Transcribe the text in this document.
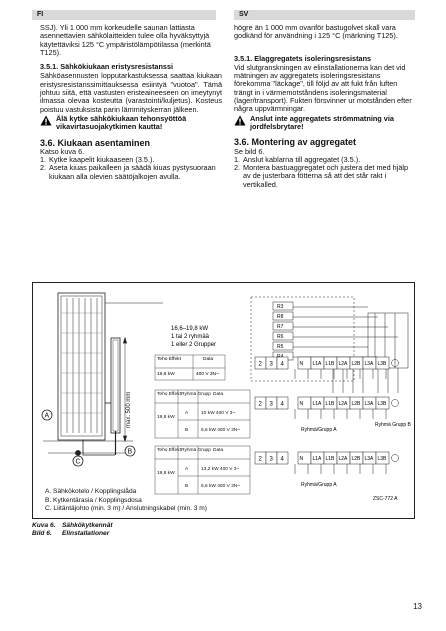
FI	SV

SSJ). Yli 1 000 mm korkeudelle saunan lattiasta asennettavien sähkölaitteiden tulee olla hyväksyttyjä käytettäviksi 125 °C ympäristölämpötilassa (merkintä T125).

3.5.1. Sähkökiukaan eristysresistanssi

Sähköasennusten lopputarkastuksessa saattaa kiukaan eristysresistanssimittauksessa esiintyä "vuotoa". Tämä johtuu siitä, että vastusten eristeaineeseen on imeytynyt ilmassa olevaa kosteutta (varastointi/kuljetus). Kosteus poistuu vastuksista parin lämmityskerran jälkeen.

Älä kytke sähkökiukaan tehonsyöttöä vikavirtasuojakytkimen kautta!
3.6. Kiukaan asentaminen
Katso kuva 6.
1. Kytke kaapelit kiukaaseen (3.5.).
2. Aseta kiuas paikalleen ja säädä kiuas pystysuoraan kiukaan alla olevien säätöjalkojen avulla.

högre än 1 000 mm ovanför bastugolvet skall vara godkänd för användning i 125 °C (märkning T125).

3.5.1. Elaggregatets isoleringsresistans

Vid slutgranskningen av elinstallationerna kan det vid mätningen av aggregatets isoleringsresistans förekomma "läckage", till följd av att fukt från luften trängt in i värmemotståndens isoleringsmaterial (lager/transport). Fukten försvinner ur motstånden efter några uppvärmningar.

Anslut inte aggregatets strömmatning via jordfelsbrytare!
3.6. Montering av aggregatet
Se bild 6.
1. Anslut kablarna till aggregatet (3.5.).
2. Montera bastuaggregatet och justera det med hjälp av de justerbara fötterna så att det står rakt i vertikalled.
max. 500 mm
A
B
C
16,6–19,8 kW
1 tai 2 ryhmää
1 eller 2 Grupper
R3
R8
R7
R6
R5
Teho Effekt	Data
16,6 kW	400 V 3N~
2 3 4	N L1A L1B L2A L2B L3A L3B
2 3 4	N L1A L1B L2A L2B L3A L3B
2 3 4	N L1A L1B L2A L2B L3A L3B
Teho Effekt Ryhmä Grupp Data
19,8 kW
A	10 kW 400 V 3~
B	6,6 kW 400 V 3N~
Teho Effekt Ryhmä Grupp Data
19,8 kW
A	13,2 kW 400 V 3~
B	6,6 kW 400 V 3N~
Ryhmä/Grupp A
Ryhmä Grupp B
Ryhmä/Grupp A
ZSC-772 A
A. Sähkökotelo / Kopplingslåda
B. Kytkentärasia / Kopplingsdosa
C. Liitäntäjohto (min. 3 m) / Anslutningskabel (min. 3 m)
Kuva 6. Sähkökytkennät
Bild 6. Elinstallationer
13
